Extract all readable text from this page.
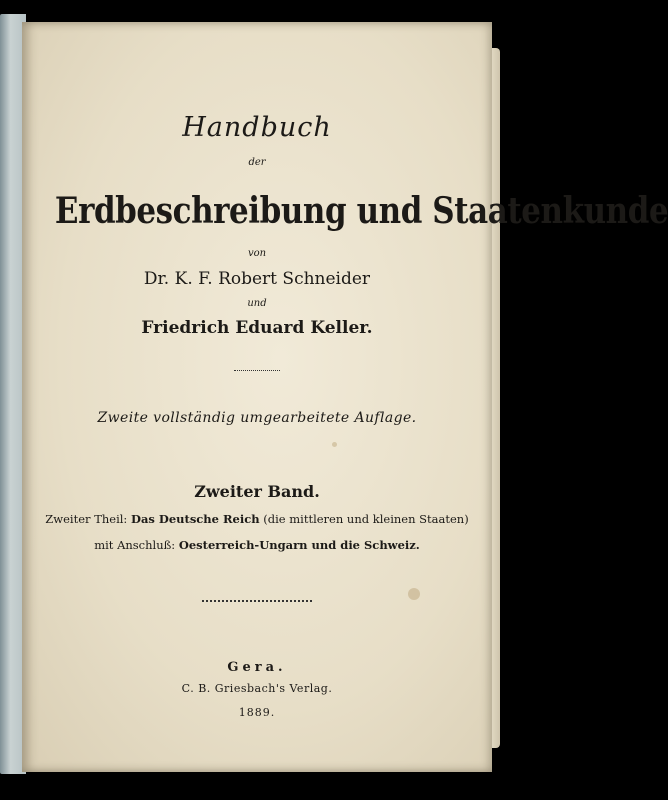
Handbuch
der
Erdbeschreibung und Staatenkunde
von
Dr. K. F. Robert Schneider
und
Friedrich Eduard Keller.
Zweite vollständig umgearbeitete Auflage.
Zweiter Band.
Zweiter Theil: Das Deutsche Reich (die mittleren und kleinen Staaten)
mit Anschluß: Oesterreich-Ungarn und die Schweiz.
Gera.
C. B. Griesbach's Verlag.
1889.
